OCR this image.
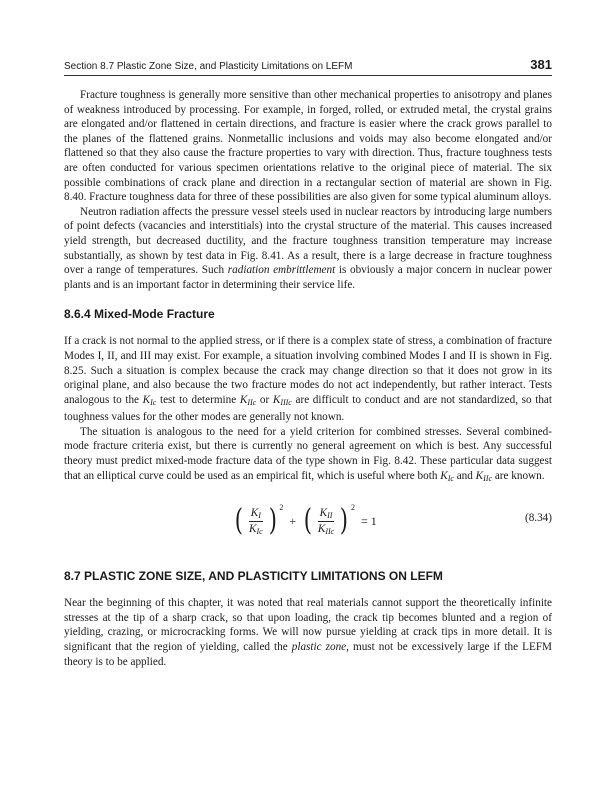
Section 8.7 Plastic Zone Size, and Plasticity Limitations on LEFM	381

Fracture toughness is generally more sensitive than other mechanical properties to anisotropy and planes of weakness introduced by processing. For example, in forged, rolled, or extruded metal, the crystal grains are elongated and/or flattened in certain directions, and fracture is easier where the crack grows parallel to the planes of the flattened grains. Nonmetallic inclusions and voids may also become elongated and/or flattened so that they also cause the fracture properties to vary with direction. Thus, fracture toughness tests are often conducted for various specimen orientations relative to the original piece of material. The six possible combinations of crack plane and direction in a rectangular section of material are shown in Fig. 8.40. Fracture toughness data for three of these possibilities are also given for some typical aluminum alloys.

Neutron radiation affects the pressure vessel steels used in nuclear reactors by introducing large numbers of point defects (vacancies and interstitials) into the crystal structure of the material. This causes increased yield strength, but decreased ductility, and the fracture toughness transition temperature may increase substantially, as shown by test data in Fig. 8.41. As a result, there is a large decrease in fracture toughness over a range of temperatures. Such radiation embrittlement is obviously a major concern in nuclear power plants and is an important factor in determining their service life.

8.6.4 Mixed-Mode Fracture

If a crack is not normal to the applied stress, or if there is a complex state of stress, a combination of fracture Modes I, II, and III may exist. For example, a situation involving combined Modes I and II is shown in Fig. 8.25. Such a situation is complex because the crack may change direction so that it does not grow in its original plane, and also because the two fracture modes do not act independently, but rather interact. Tests analogous to the KIc test to determine KIIc or KIIIc are difficult to conduct and are not standardized, so that toughness values for the other modes are generally not known.

The situation is analogous to the need for a yield criterion for combined stresses. Several combined-mode fracture criteria exist, but there is currently no general agreement on which is best. Any successful theory must predict mixed-mode fracture data of the type shown in Fig. 8.42. These particular data suggest that an elliptical curve could be used as an empirical fit, which is useful where both KIc and KIIc are known.

( $\frac{KI}{\text{KIc}}$ ) 2
+ ( $\frac{\text{KII}}{\text{KIIc}}$ ) 2
= 1	(8.34)
8.7 PLASTIC ZONE SIZE, AND PLASTICITY LIMITATIONS ON LEFM

Near the beginning of this chapter, it was noted that real materials cannot support the theoretically infinite stresses at the tip of a sharp crack, so that upon loading, the crack tip becomes blunted and a region of yielding, crazing, or microcracking forms. We will now pursue yielding at crack tips in more detail. It is significant that the region of yielding, called the plastic zone, must not be excessively large if the LEFM theory is to be applied.
